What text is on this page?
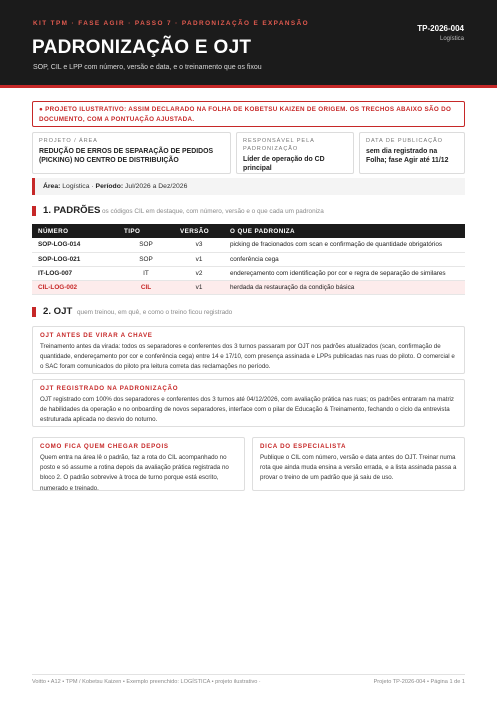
KIT TPM · FASE AGIR · PASSO 7 · PADRONIZAÇÃO E EXPANSÃO
PADRONIZAÇÃO E OJT
SOP, CIL e LPP com número, versão e data, e o treinamento que os fixou
TP-2026-004
Logística
● PROJETO ILUSTRATIVO: ASSIM DECLARADO NA FOLHA DE KOBETSU KAIZEN DE ORIGEM. OS TRECHOS ABAIXO SÃO DO DOCUMENTO, COM A PONTUAÇÃO AJUSTADA.
PROJETO / ÁREA
REDUÇÃO DE ERROS DE SEPARAÇÃO DE PEDIDOS (PICKING) NO CENTRO DE DISTRIBUIÇÃO
RESPONSÁVEL PELA PADRONIZAÇÃO
Líder de operação do CD principal
DATA DE PUBLICAÇÃO
sem dia registrado na Folha; fase Agir até 11/12
Área: Logística · Período: Jul/2026 a Dez/2026
1. PADRÕES os códigos CIL em destaque, com número, versão e o que cada um padroniza
NÚMERO	TIPO	VERSÃO	O QUE PADRONIZA
SOP-LOG-014	SOP	v3	picking de fracionados com scan e confirmação de quantidade obrigatórios
SOP-LOG-021	SOP	v1	conferência cega
IT-LOG-007	IT	v2	endereçamento com identificação por cor e regra de separação de similares
CIL-LOG-002	CIL	v1	herdada da restauração da condição básica
2. OJT quem treinou, em quê, e como o treino ficou registrado
OJT ANTES DE VIRAR A CHAVE
Treinamento antes da virada: todos os separadores e conferentes dos 3 turnos passaram por OJT nos padrões atualizados (scan, confirmação de quantidade, endereçamento por cor e conferência cega) entre 14 e 17/10, com presença assinada e LPPs publicadas nas ruas do piloto. O comercial e o SAC foram comunicados do piloto pra leitura correta das reclamações no período.
OJT REGISTRADO NA PADRONIZAÇÃO
OJT registrado com 100% dos separadores e conferentes dos 3 turnos até 04/12/2026, com avaliação prática nas ruas; os padrões entraram na matriz de habilidades da operação e no onboarding de novos separadores, interface com o pilar de Educação & Treinamento, fechando o ciclo da entrevista estruturada aplicada no desvio do noturno.
COMO FICA QUEM CHEGAR DEPOIS
Quem entra na área lê o padrão, faz a rota do CIL acompanhado no posto e só assume a rotina depois da avaliação prática registrada no bloco 2. O padrão sobrevive à troca de turno porque está escrito, numerado e treinado.
DICA DO ESPECIALISTA
Publique o CIL com número, versão e data antes do OJT. Treinar numa rota que ainda muda ensina a versão errada, e a lista assinada passa a provar o treino de um padrão que já saiu de uso.
Voitto • A12 • TPM / Kobetsu Kaizen • Exemplo preenchido: LOGÍSTICA • projeto ilustrativo ·	Projeto TP-2026-004 • Página 1 de 1
